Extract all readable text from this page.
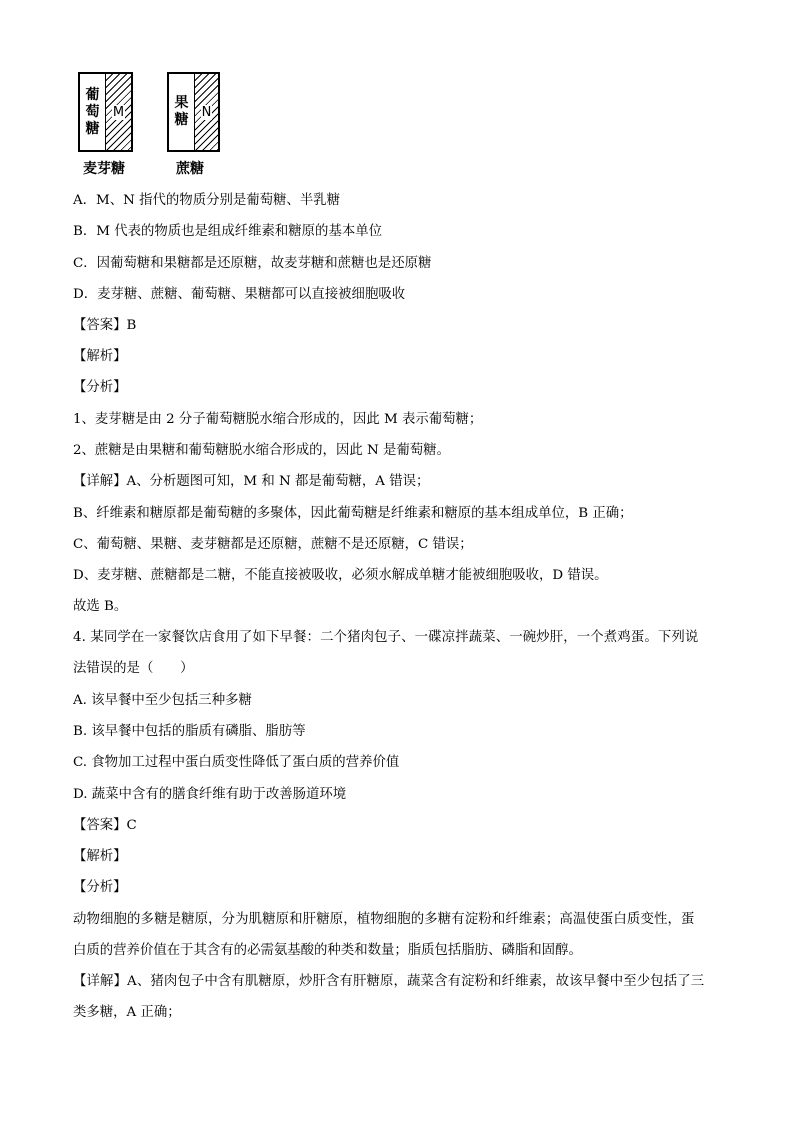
葡萄糖
M
麦芽糖
果糖 N
蔗糖
A．M、N 指代的物质分别是葡萄糖、半乳糖
B．M 代表的物质也是组成纤维素和糖原的基本单位
C．因葡萄糖和果糖都是还原糖，故麦芽糖和蔗糖也是还原糖
D．麦芽糖、蔗糖、葡萄糖、果糖都可以直接被细胞吸收
【答案】B
【解析】
【分析】
1、麦芽糖是由 2 分子葡萄糖脱水缩合形成的，因此 M 表示葡萄糖；
2、蔗糖是由果糖和葡萄糖脱水缩合形成的，因此 N 是葡萄糖。
【详解】A、分析题图可知，M 和 N 都是葡萄糖，A 错误；
B、纤维素和糖原都是葡萄糖的多聚体，因此葡萄糖是纤维素和糖原的基本组成单位，B 正确；
C、葡萄糖、果糖、麦芽糖都是还原糖，蔗糖不是还原糖，C 错误；
D、麦芽糖、蔗糖都是二糖，不能直接被吸收，必须水解成单糖才能被细胞吸收，D 错误。
故选 B。
4. 某同学在一家餐饮店食用了如下早餐：二个猪肉包子、一碟凉拌蔬菜、一碗炒肝，一个煮鸡蛋。下列说
法错误的是（　　）
A. 该早餐中至少包括三种多糖
B. 该早餐中包括的脂质有磷脂、脂肪等
C. 食物加工过程中蛋白质变性降低了蛋白质的营养价值
D. 蔬菜中含有的膳食纤维有助于改善肠道环境
【答案】C
【解析】
【分析】
动物细胞的多糖是糖原，分为肌糖原和肝糖原，植物细胞的多糖有淀粉和纤维素；高温使蛋白质变性，蛋
白质的营养价值在于其含有的必需氨基酸的种类和数量；脂质包括脂肪、磷脂和固醇。
【详解】A、猪肉包子中含有肌糖原，炒肝含有肝糖原，蔬菜含有淀粉和纤维素，故该早餐中至少包括了三
类多糖，A 正确；
